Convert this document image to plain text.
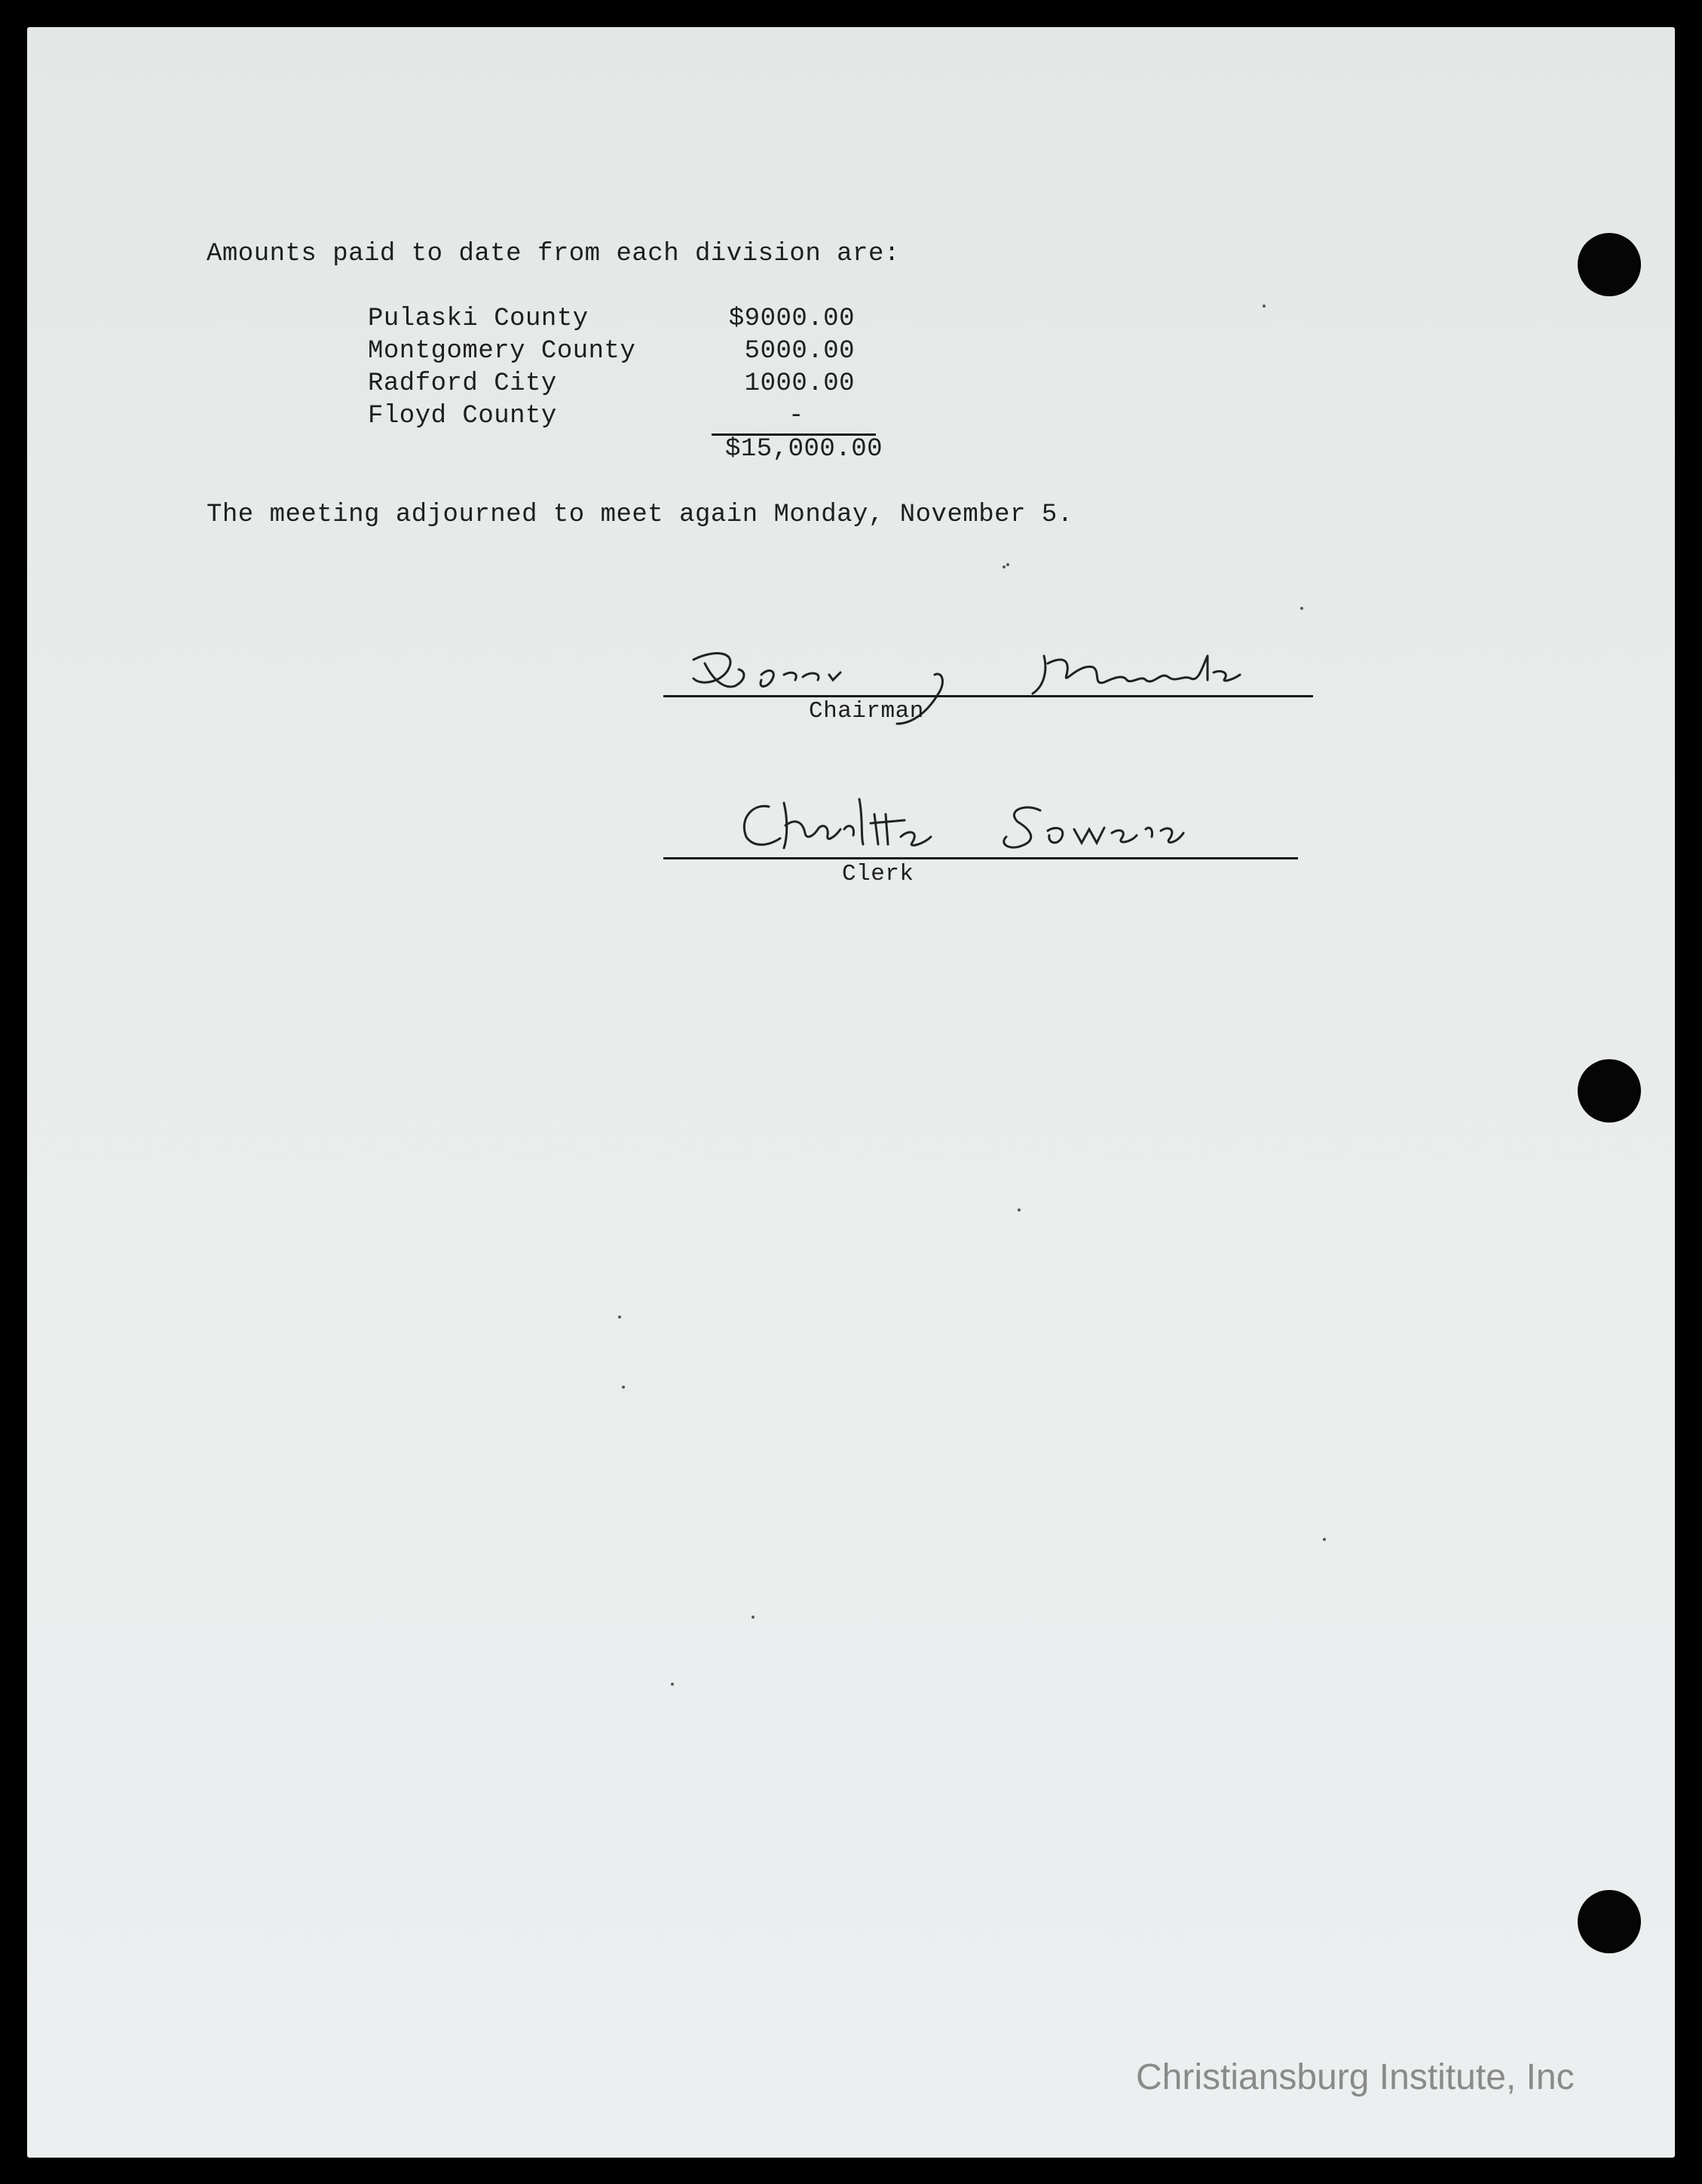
Amounts paid to date from each division are:
Pulaski County	$9000.00
Montgomery County	5000.00
Radford City	1000.00
Floyd County	-
$15,000.00
The meeting adjourned to meet again Monday, November 5.
Chairman
Clerk
Christiansburg Institute, Inc
